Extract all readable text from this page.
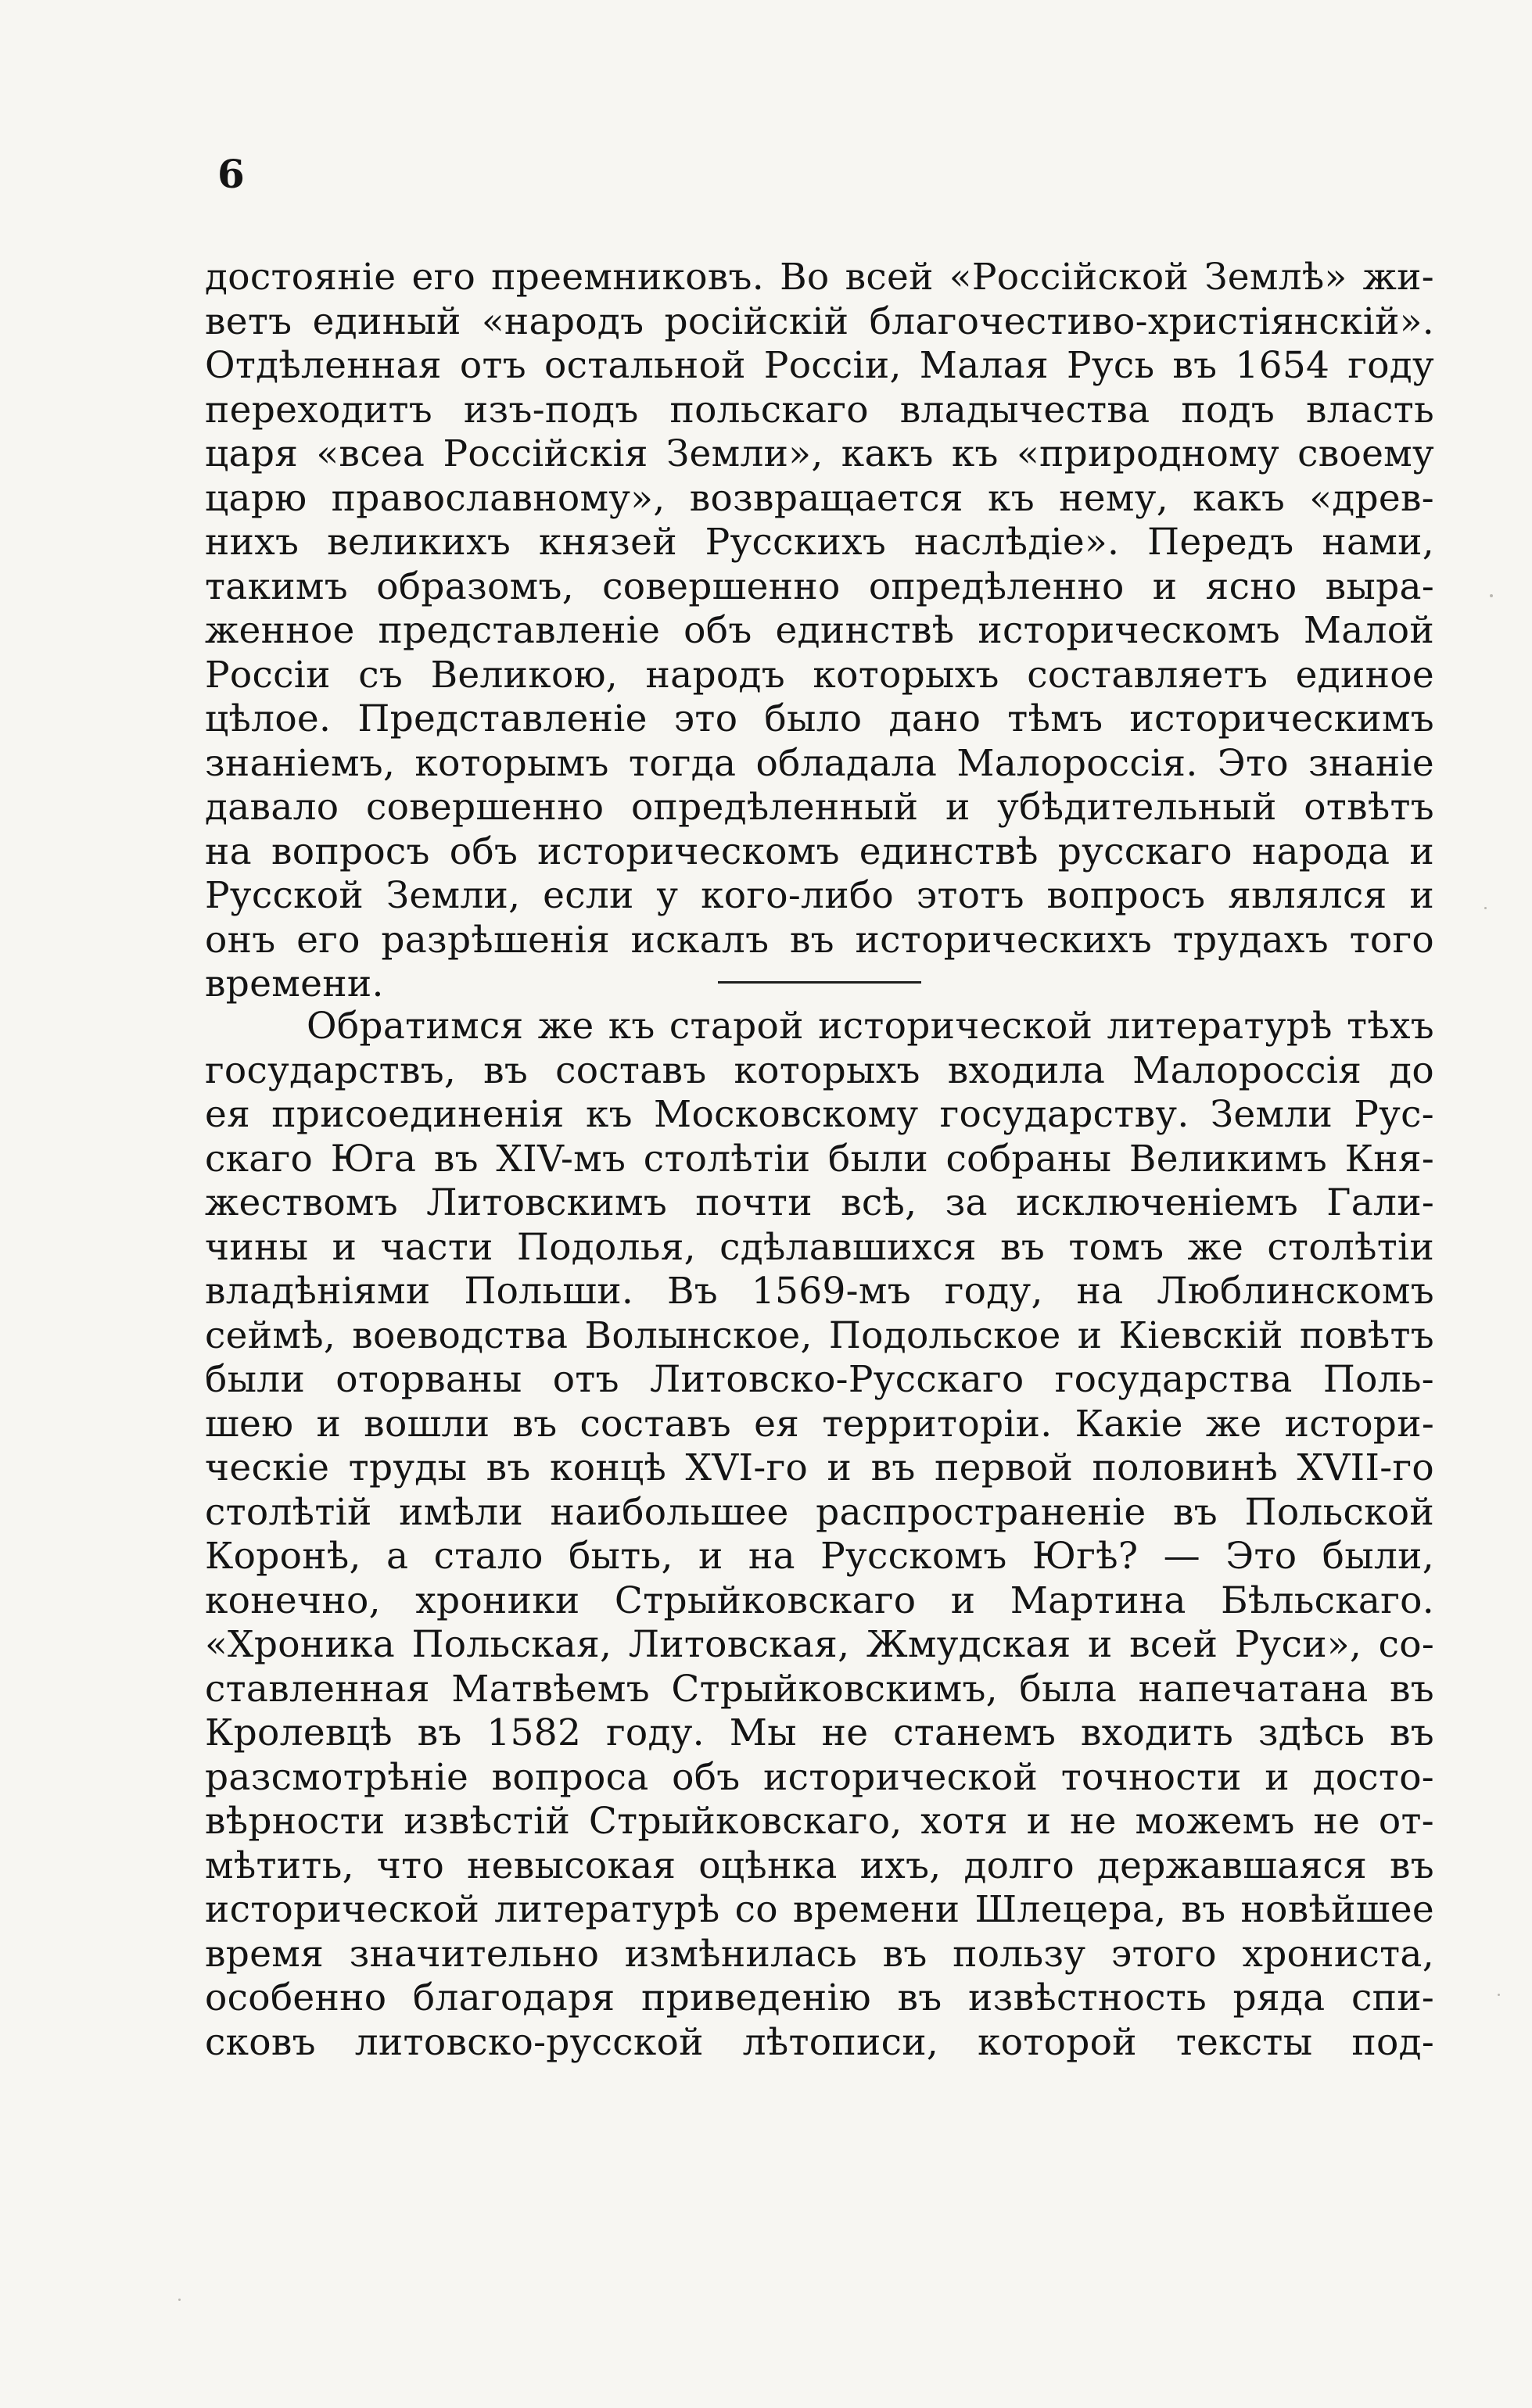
6
достояніе его преемниковъ. Во всей «Россійской Землѣ» жи-
ветъ единый «народъ російскій благочестиво-христіянскій».
Отдѣленная отъ остальной Россіи, Малая Русь въ 1654 году
переходитъ изъ-подъ польскаго владычества подъ власть
царя «всеа Россійскія Земли», какъ къ «природному своему
царю православному», возвращается къ нему, какъ «древ-
нихъ великихъ князей Русскихъ наслѣдіе». Передъ нами,
такимъ образомъ, совершенно опредѣленно и ясно выра-
женное представленіе объ единствѣ историческомъ Малой
Россіи съ Великою, народъ которыхъ составляетъ единое
цѣлое. Представленіе это было дано тѣмъ историческимъ
знаніемъ, которымъ тогда обладала Малороссія. Это знаніе
давало совершенно опредѣленный и убѣдительный отвѣтъ
на вопросъ объ историческомъ единствѣ русскаго народа и
Русской Земли, если у кого-либо этотъ вопросъ являлся и
онъ его разрѣшенія искалъ въ историческихъ трудахъ того
времени.
Обратимся же къ старой исторической литературѣ тѣхъ
государствъ, въ составъ которыхъ входила Малороссія до
ея присоединенія къ Московскому государству. Земли Рус-
скаго Юга въ XIV-мъ столѣтіи были собраны Великимъ Кня-
жествомъ Литовскимъ почти всѣ, за исключеніемъ Гали-
чины и части Подолья, сдѣлавшихся въ томъ же столѣтіи
владѣніями Польши. Въ 1569-мъ году, на Люблинскомъ
сеймѣ, воеводства Волынское, Подольское и Кіевскій повѣтъ
были оторваны отъ Литовско-Русскаго государства Поль-
шею и вошли въ составъ ея территоріи. Какіе же истори-
ческіе труды въ концѣ XVI-го и въ первой половинѣ XVII-го
столѣтій имѣли наибольшее распространеніе въ Польской
Коронѣ, а стало быть, и на Русскомъ Югѣ? — Это были,
конечно, хроники Стрыйковскаго и Мартина Бѣльскаго.
«Хроника Польская, Литовская, Жмудская и всей Руси», со-
ставленная Матвѣемъ Стрыйковскимъ, была напечатана въ
Кролевцѣ въ 1582 году. Мы не станемъ входить здѣсь въ
разсмотрѣніе вопроса объ исторической точности и досто-
вѣрности извѣстій Стрыйковскаго, хотя и не можемъ не от-
мѣтить, что невысокая оцѣнка ихъ, долго державшаяся въ
исторической литературѣ со времени Шлецера, въ новѣйшее
время значительно измѣнилась въ пользу этого хрониста,
особенно благодаря приведенію въ извѣстность ряда спи-
сковъ литовско-русской лѣтописи, которой тексты под-
